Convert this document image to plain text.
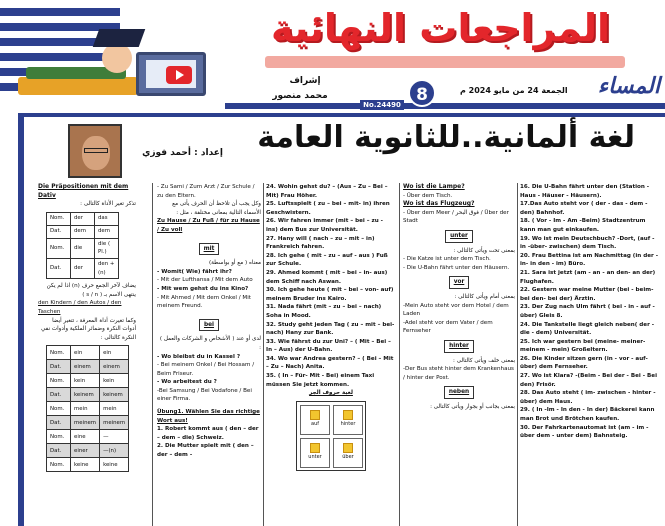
المراجعات النهائية
إشراف
محمد منصور	8
No.24490
الجمعة 24 من مايو 2024 م	المساء
لغة ألمانية..للثانوية العامة
إعداد : أحمد فوزي
Die Präpositionen mit dem Dativ
تذكر تغير الأداة كالتالى :
Nom.	der	das
Dat.	dem	dem
Nom.	die	die ( Pl.)
Dat.	der	den + (n)
يضاف لآخر الجمع حرف (n) اذا لم يكن ينتهى الاسم بـ ( s / n )
den Kindern / den Autos / den Taschen
وكما تغيرت أداة المعرفة ، تتغير أيضا أدوات النكرة وضمائر الملكية وأدوات نفي النكرة كالتالى :
Nom.	ein	ein
Dat.	einem	einem
Nom.	kein	kein
Dat.	keinem	keinem
Nom.	mein	mein
Dat.	meinem	meinem
Nom.	eine	—
Dat.	einer	—(n)
Nom.	keine	keine
- Zu Sami / Zum Arzt / Zur Schule / zu den Eltern.
وكل يجب أن تلاحظ أن الحرف يأتى مع الأسماء التالية بمعانى مختلفة ، مثل :
Zu Hause / Zu Fuß / für zu Hause / Zu voll
mit
معناه ( مع أو بواسطة)
- Womit( Wie) fährt ihr?
- Mit der Lufthansa / Mit dem Auto
- Mit wem gehst du ins Kino?
- Mit Ahmed / Mit dem Onkel / Mit meinem Freund.
bei
لدى أو عند ( الأشخاص و الشركات والعمل ) :
- Wo bleibst du in Kassel ?
- Bei meinem Onkel / Bei Hossam / Beim Friseur.
- Wo arbeitest du ?
-Bei Samsung / Bei Vodafone / Bei einer Firma.
Übung1. Wählen Sie das richtige Wort aus!
1. Robert kommt aus ( den – der – dem – die) Schweiz.
2. Die Mutter spielt mit ( den – der – dem -
24. Wohin gehst du? – (Aus – Zu – Bei – Mit) Frau Höher.
25. Luftsspielt ( zu – bei – mit- in) ihren Geschwistern.
26. Wir fahren immer (mit – bei – zu - ins) dem Bus zur Universität.
27. Hany will ( nach – zu – mit – in) Frankreich fahren.
28. Ich gehe ( mit – zu – auf - aus ) Fuß zur Schule.
29. Ahmed kommt ( mit – bei – in- aus) dem Schiff nach Aswan.
30. Ich gehe heute ( mit – bei – von- auf) meinem Bruder ins Kairo.
31. Nada fährt (mit – zu – bei – nach) Soha in Mood.
32. Study geht jeden Tag ( zu – mit – bei- nach) Hany zur Bank.
33. Wie fährst du zur Uni? – ( Mit – Bei – In – Aus) der U-Bahn.
34. Wo war Andrea gestern? – ( Bei – Mit – Zu – Nach) Anita.
35. ( In – Für- Mit - Bei) einem Taxi müssen Sie jetzt kommen.
لعبة حروف الجر
auf	hinter
unter	über
Wo ist die Lampe?
- Über dem Tisch.
Wo ist das Flugzeug?
- Über dem Meer / فوق البحر / Über der Stadt
unter
بمعنى تحت ويأتى كالتالى :
- Die Katze ist unter dem Tisch.
- Die U-Bahn fährt unter den Häusern.
vor
بمعنى أمام ويأتى كالتالى :
-Mein Auto steht vor dem Hotel / dem Laden
-Adel steht vor dem Vater / dem Fernseher
hinter
بمعنى خلف ويأتى كالتالى :
-Der Bus steht hinter dem Krankenhaus / hinter der Post.
neben
بمعنى بجانب أو بجوار ويأتى كالتالى :
16. Die U-Bahn fährt unter den (Station - Haus - Häuser - Häusern).
17.Das Auto steht vor ( der - das - dem - den) Bahnhof.
18. ( Vor - Im - Am -Beim) Stadtzentrum kann man gut einkaufen.
19. Wo ist mein Deutschbuch? -Dort, (auf - in -über- zwischen) dem Tisch.
20. Frau Bettina ist am Nachmittag (in der - in- in den - im) Büro.
21. Sara ist jetzt (am - an - an den- an der) Flughafen.
22. Gestern war meine Mutter (bei - beim- bei den- bei der) Ärztin.
23. Der Zug nach Ulm fährt ( bei - in - auf - über) Gleis 8.
24. Die Tankstelle liegt gleich neben( der - die - dem) Universität.
25. Ich war gestern bei (meine- meiner- meinem - mein) Großeltern.
26. Die Kinder sitzen gern (in - vor - auf- über) dem Fernseher.
27. Wo ist Klara? -(Beim - Bei der - Bei - Bei den) Frisör.
28. Das Auto steht ( im- zwischen - hinter - über) dem Haus.
29. ( In -Im - In den - In der) Bäckerei kann man Brot und Brötchen kaufen.
30. Der Fahrkartenautomat ist (am - im - über dem - unter dem) Bahnsteig.
